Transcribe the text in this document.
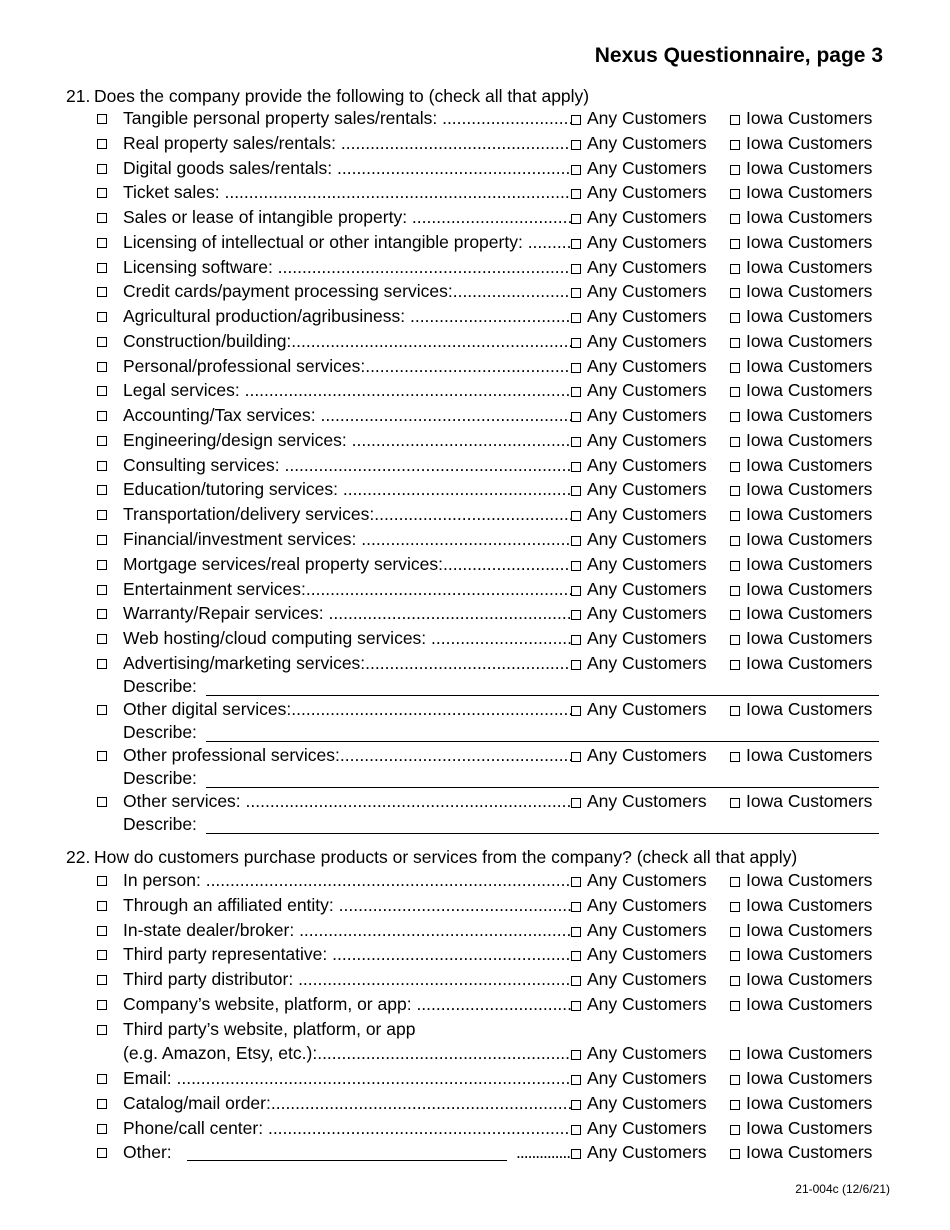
Nexus Questionnaire, page 3
21. Does the company provide the following to (check all that apply)
Tangible personal property sales/rentals: .....	Any Customers	Iowa Customers
Real property sales/rentals: .....	Any Customers	Iowa Customers
Digital goods sales/rentals: .....	Any Customers	Iowa Customers
Ticket sales: .....	Any Customers	Iowa Customers
Sales or lease of intangible property: .....	Any Customers	Iowa Customers
Licensing of intellectual or other intangible property: .....	Any Customers	Iowa Customers
Licensing software: .....	Any Customers	Iowa Customers
Credit cards/payment processing services: .....	Any Customers	Iowa Customers
Agricultural production/agribusiness: .....	Any Customers	Iowa Customers
Construction/building: .....	Any Customers	Iowa Customers
Personal/professional services: .....	Any Customers	Iowa Customers
Legal services: .....	Any Customers	Iowa Customers
Accounting/Tax services: .....	Any Customers	Iowa Customers
Engineering/design services: .....	Any Customers	Iowa Customers
Consulting services: .....	Any Customers	Iowa Customers
Education/tutoring services: .....	Any Customers	Iowa Customers
Transportation/delivery services: .....	Any Customers	Iowa Customers
Financial/investment services: .....	Any Customers	Iowa Customers
Mortgage services/real property services: .....	Any Customers	Iowa Customers
Entertainment services: .....	Any Customers	Iowa Customers
Warranty/Repair services: .....	Any Customers	Iowa Customers
Web hosting/cloud computing services: .....	Any Customers	Iowa Customers
Advertising/marketing services: .....	Any Customers	Iowa Customers
Describe:
Other digital services: .....	Any Customers	Iowa Customers
Describe:
Other professional services: .....	Any Customers	Iowa Customers
Describe:
Other services: .....	Any Customers	Iowa Customers
Describe:
22. How do customers purchase products or services from the company? (check all that apply)
In person: .....	Any Customers	Iowa Customers
Through an affiliated entity: .....	Any Customers	Iowa Customers
In-state dealer/broker: .....	Any Customers	Iowa Customers
Third party representative: .....	Any Customers	Iowa Customers
Third party distributor: .....	Any Customers	Iowa Customers
Company’s website, platform, or app: .....	Any Customers	Iowa Customers
Third party’s website, platform, or app
(e.g. Amazon, Etsy, etc.): .....	Any Customers	Iowa Customers
Email: .....	Any Customers	Iowa Customers
Catalog/mail order: .....	Any Customers	Iowa Customers
Phone/call center: .....	Any Customers	Iowa Customers
Other:	.............. Any Customers	Iowa Customers
21-004c (12/6/21)
